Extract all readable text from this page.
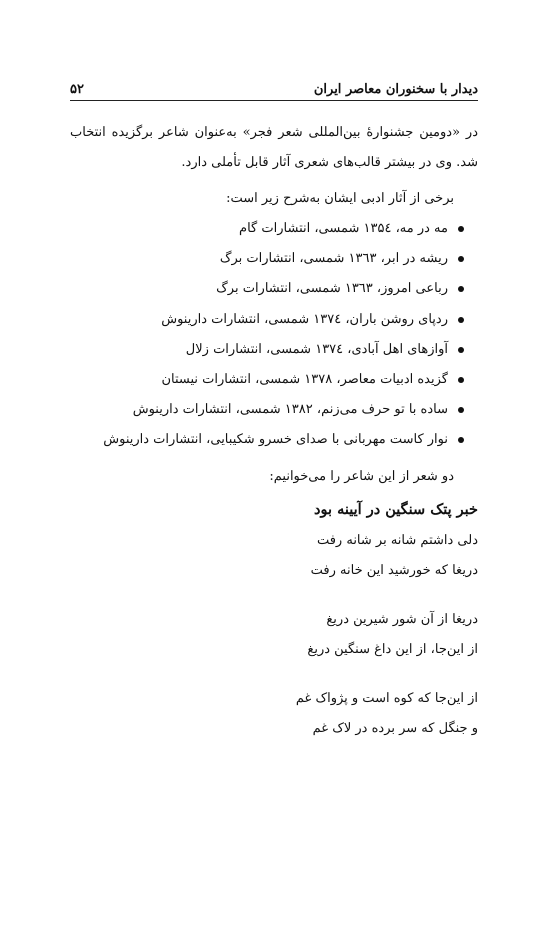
دیدار با سخنوران معاصر ایران
۵۲

در «دومین جشنوارهٔ بین‌المللی شعر فجر» به‌عنوان شاعر برگزیده انتخاب شد. وی در بیشتر قالب‌های شعری آثار قابل تأملی دارد.

برخی از آثار ادبی ایشان به‌شرح زیر است:

مه در مه، ۱۳۵٤ شمسی، انتشارات گام
ریشه در ابر، ۱۳٦۳ شمسی، انتشارات برگ
رباعی امروز، ۱۳٦۳ شمسی، انتشارات برگ
ردپای روشن باران، ۱۳۷٤ شمسی، انتشارات دارینوش
آوازهای اهل آبادی، ۱۳۷٤ شمسی، انتشارات زلال
گزیده ادبیات معاصر، ۱۳۷۸ شمسی، انتشارات نیستان
ساده با تو حرف می‌زنم، ۱۳۸۲ شمسی، انتشارات دارینوش
نوار کاست مهربانی با صدای خسرو شکیبایی، انتشارات دارینوش

دو شعر از این شاعر را می‌خوانیم:

خبر پتک سنگین در آیینه بود

دلی داشتم شانه بر شانه رفت
دریغا که خورشید این خانه رفت
دریغا از آن شور شیرین دریغ
از این‌جا، از این داغ سنگین دریغ
از این‌جا که کوه است و پژواک غم
و جنگل که سر برده در لاک غم
